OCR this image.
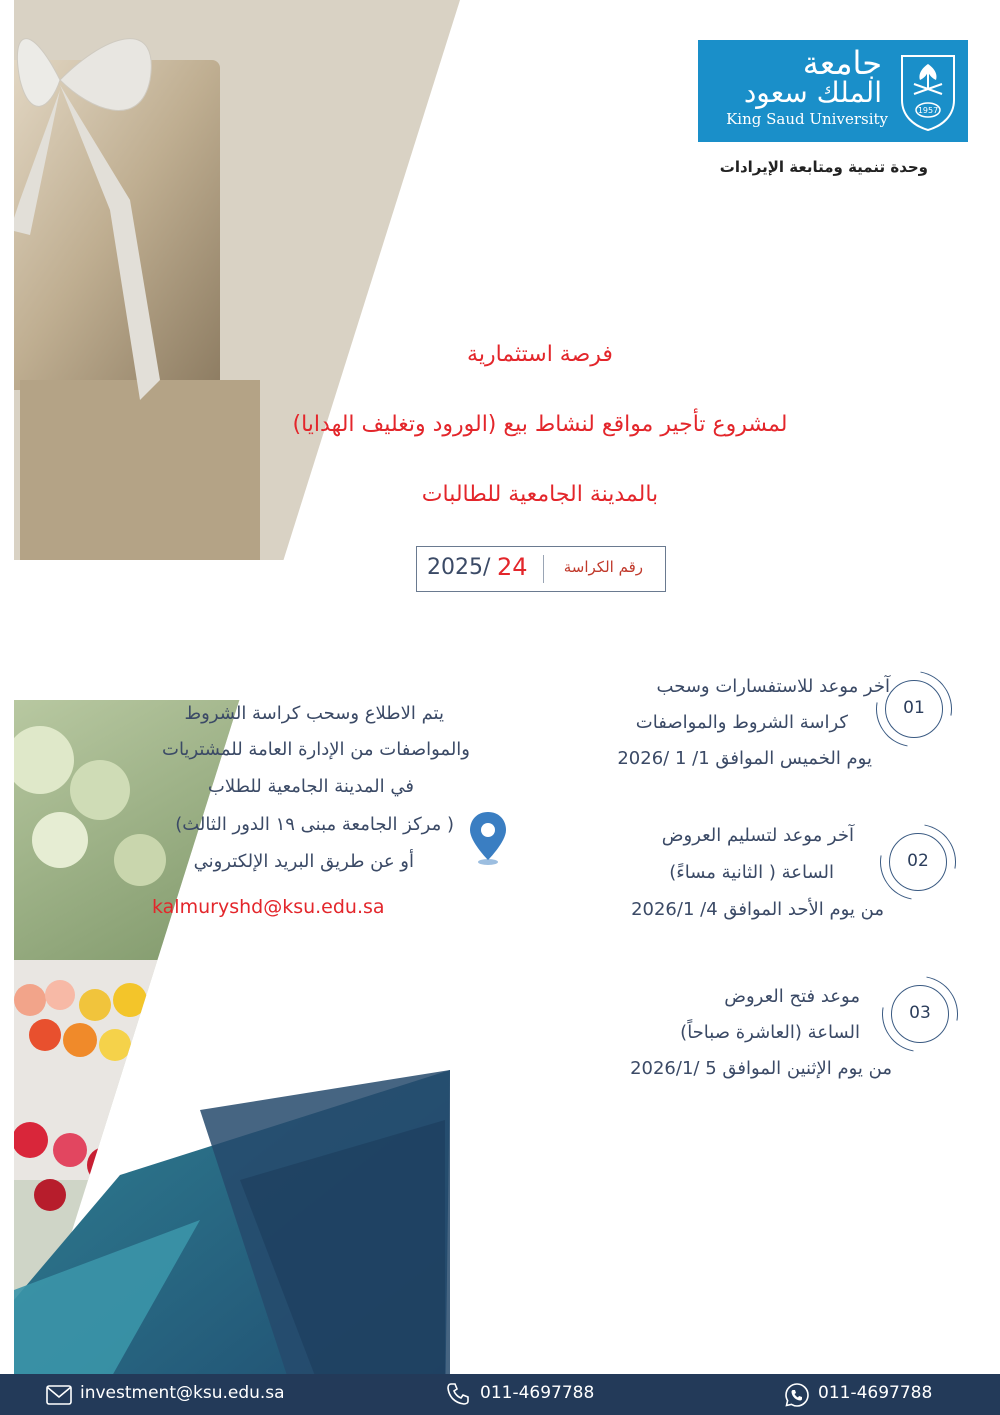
جامعة
الملك سعود
King Saud University	1957
وحدة تنمية ومتابعة الإيرادات
فرصة استثمارية
لمشروع تأجير مواقع لنشاط بيع (الورود وتغليف الهدايا)
بالمدينة الجامعية للطالبات
رقم الكراسة
24
2025/
01
آخر موعد للاستفسارات وسحب
كراسة الشروط والمواصفات
يوم الخميس الموافق 1/ 1 /2026
02
آخر موعد لتسليم العروض
الساعة ( الثانية مساءً)
من يوم الأحد الموافق 4/ 2026/1
03
موعد فتح العروض
الساعة (العاشرة صباحاً)
من يوم الإثنين الموافق 5 /2026/1
يتم الاطلاع وسحب كراسة الشروط
والمواصفات من الإدارة العامة للمشتريات
في المدينة الجامعية للطلاب
( مركز الجامعة مبنى ١٩ الدور الثالث)
أو عن طريق البريد الإلكتروني
kalmuryshd@ksu.edu.sa
investment@ksu.edu.sa	011-4697788	011-4697788
